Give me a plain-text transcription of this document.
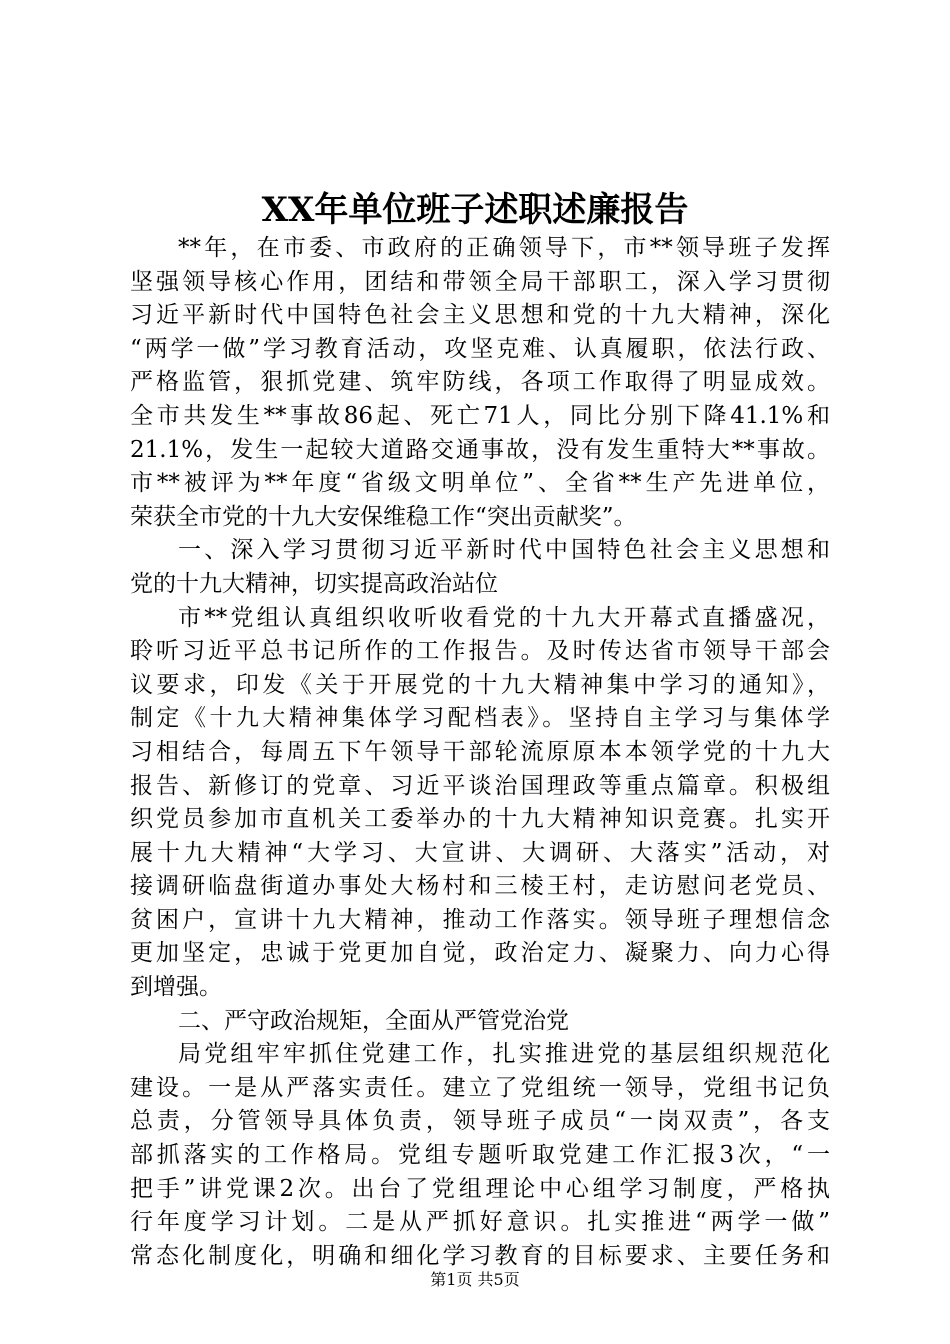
XX年单位班子述职述廉报告
**年，在市委、市政府的正确领导下，市**领导班子发挥
坚强领导核心作用，团结和带领全局干部职工，深入学习贯彻
习近平新时代中国特色社会主义思想和党的十九大精神，深化
“两学一做”学习教育活动，攻坚克难、认真履职，依法行政、
严格监管，狠抓党建、筑牢防线，各项工作取得了明显成效。
全市共发生**事故86起、死亡71人，同比分别下降41.1%和
21.1%，发生一起较大道路交通事故，没有发生重特大**事故。
市**被评为**年度“省级文明单位”、全省**生产先进单位，
荣获全市党的十九大安保维稳工作“突出贡献奖”。
一、深入学习贯彻习近平新时代中国特色社会主义思想和
党的十九大精神，切实提高政治站位
市**党组认真组织收听收看党的十九大开幕式直播盛况，
聆听习近平总书记所作的工作报告。及时传达省市领导干部会
议要求，印发《关于开展党的十九大精神集中学习的通知》，
制定《十九大精神集体学习配档表》。坚持自主学习与集体学
习相结合，每周五下午领导干部轮流原原本本领学党的十九大
报告、新修订的党章、习近平谈治国理政等重点篇章。积极组
织党员参加市直机关工委举办的十九大精神知识竞赛。扎实开
展十九大精神“大学习、大宣讲、大调研、大落实”活动，对
接调研临盘街道办事处大杨村和三棱王村，走访慰问老党员、
贫困户，宣讲十九大精神，推动工作落实。领导班子理想信念
更加坚定，忠诚于党更加自觉，政治定力、凝聚力、向力心得
到增强。
二、严守政治规矩，全面从严管党治党
局党组牢牢抓住党建工作，扎实推进党的基层组织规范化
建设。一是从严落实责任。建立了党组统一领导，党组书记负
总责，分管领导具体负责，领导班子成员“一岗双责”，各支
部抓落实的工作格局。党组专题听取党建工作汇报3次，“一
把手”讲党课2次。出台了党组理论中心组学习制度，严格执
行年度学习计划。二是从严抓好意识。扎实推进“两学一做”
常态化制度化，明确和细化学习教育的目标要求、主要任务和
第1页 共5页
